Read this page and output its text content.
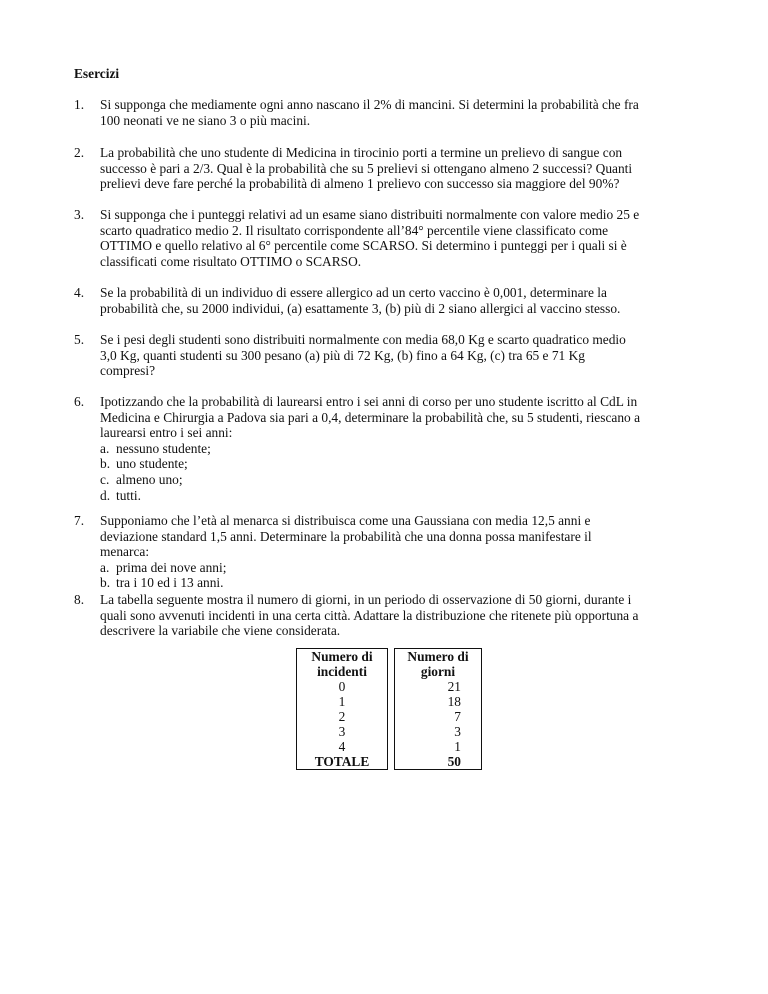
Esercizi
1. Si supponga che mediamente ogni anno nascano il 2% di mancini. Si determini la probabilità che fra
100 neonati ve ne siano 3 o più macini.
2. La probabilità che uno studente di Medicina in tirocinio porti a termine un prelievo di sangue con
successo è pari a 2/3. Qual è la probabilità che su 5 prelievi si ottengano almeno 2 successi? Quanti
prelievi deve fare perché la probabilità di almeno 1 prelievo con successo sia maggiore del 90%?
3. Si supponga che i punteggi relativi ad un esame siano distribuiti normalmente con valore medio 25 e
scarto quadratico medio 2. Il risultato corrispondente all’84° percentile viene classificato come
OTTIMO e quello relativo al 6° percentile come SCARSO. Si determino i punteggi per i quali si è
classificati come risultato OTTIMO o SCARSO.
4. Se la probabilità di un individuo di essere allergico ad un certo vaccino è 0,001, determinare la
probabilità che, su 2000 individui, (a) esattamente 3, (b) più di 2 siano allergici al vaccino stesso.
5. Se i pesi degli studenti sono distribuiti normalmente con media 68,0 Kg e scarto quadratico medio
3,0 Kg, quanti studenti su 300 pesano (a) più di 72 Kg, (b) fino a 64 Kg, (c) tra 65 e 71 Kg
compresi?
6. Ipotizzando che la probabilità di laurearsi entro i sei anni di corso per uno studente iscritto al CdL in
Medicina e Chirurgia a Padova sia pari a 0,4, determinare la probabilità che, su 5 studenti, riescano a
laurearsi entro i sei anni:
a. nessuno studente;
b. uno studente;
c. almeno uno;
d. tutti.
7. Supponiamo che l’età al menarca si distribuisca come una Gaussiana con media 12,5 anni e
deviazione standard 1,5 anni. Determinare la probabilità che una donna possa manifestare il
menarca:
a. prima dei nove anni;
b. tra i 10 ed i 13 anni.
8. La tabella seguente mostra il numero di giorni, in un periodo di osservazione di 50 giorni, durante i
quali sono avvenuti incidenti in una certa città. Adattare la distribuzione che ritenete più opportuna a
descrivere la variabile che viene considerata.
Numero di
incidenti		Numero di
giorni
0		21
1		18
2		7
3		3
4		1
TOTALE		50
